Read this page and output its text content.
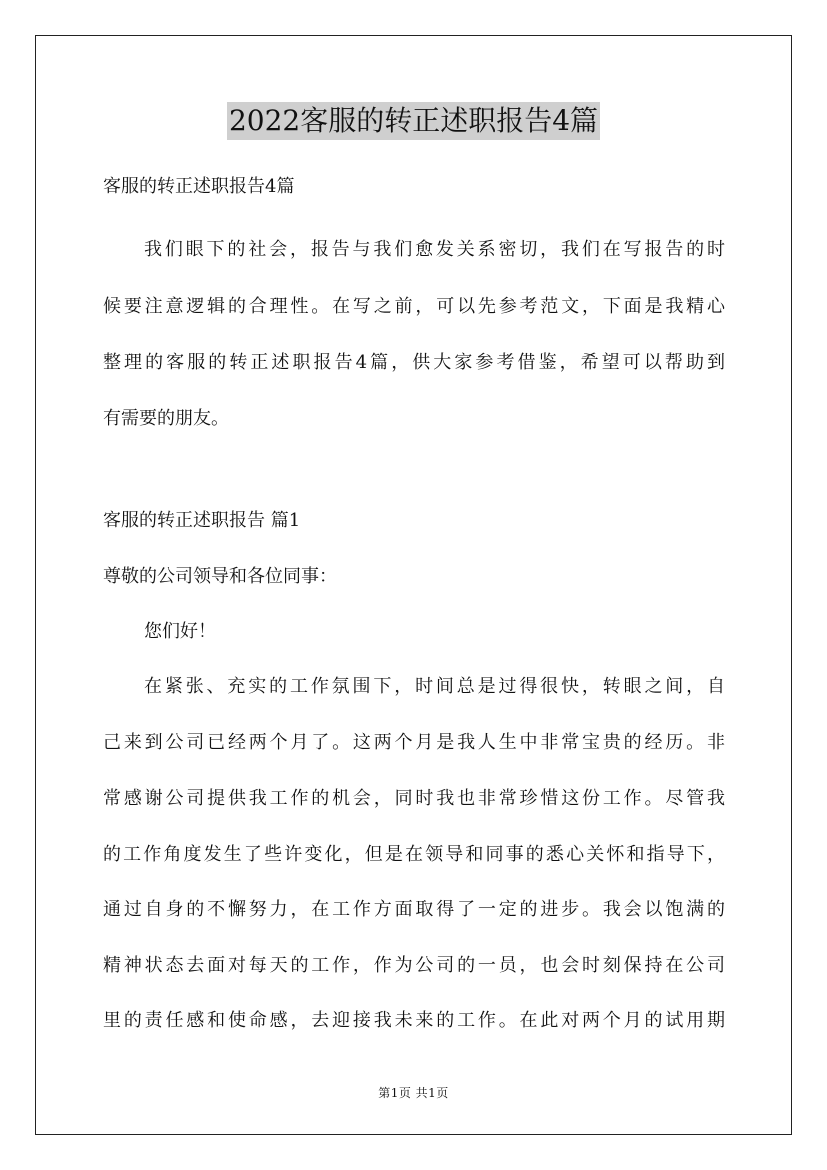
2022客服的转正述职报告4篇

客服的转正述职报告4篇

我们眼下的社会，报告与我们愈发关系密切，我们在写报告的时

候要注意逻辑的合理性。在写之前，可以先参考范文，下面是我精心

整理的客服的转正述职报告4篇，供大家参考借鉴，希望可以帮助到

有需要的朋友。

客服的转正述职报告 篇1

尊敬的公司领导和各位同事：

您们好！

在紧张、充实的工作氛围下，时间总是过得很快，转眼之间，自

己来到公司已经两个月了。这两个月是我人生中非常宝贵的经历。非

常感谢公司提供我工作的机会，同时我也非常珍惜这份工作。尽管我

的工作角度发生了些许变化，但是在领导和同事的悉心关怀和指导下，

通过自身的不懈努力，在工作方面取得了一定的进步。我会以饱满的

精神状态去面对每天的工作，作为公司的一员，也会时刻保持在公司

里的责任感和使命感，去迎接我未来的工作。在此对两个月的试用期

第1页 共1页
